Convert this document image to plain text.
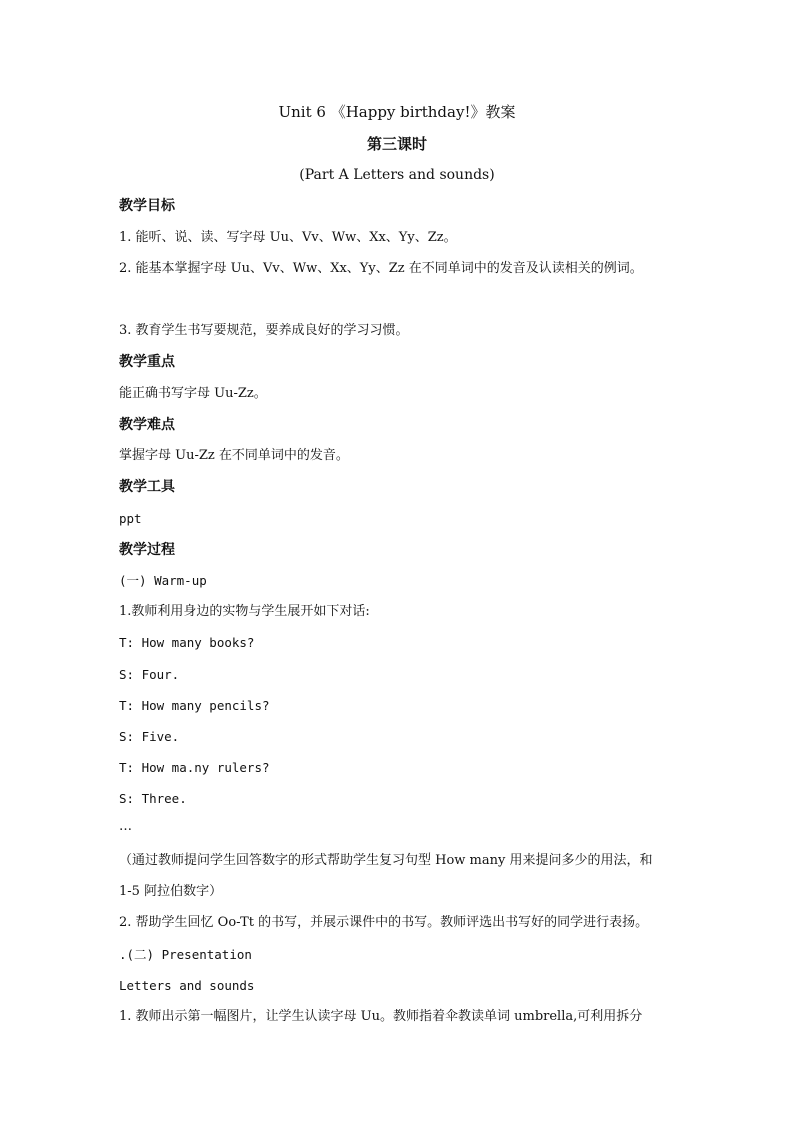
Unit 6 《Happy birthday!》教案
第三课时
(Part A Letters and sounds)
教学目标
1. 能听、说、读、写字母 Uu、Vv、Ww、Xx、Yy、Zz。
2. 能基本掌握字母 Uu、Vv、Ww、Xx、Yy、Zz 在不同单词中的发音及认读相关的例词。
3. 教育学生书写要规范，要养成良好的学习习惯。
教学重点
能正确书写字母 Uu-Zz。
教学难点
掌握字母 Uu-Zz 在不同单词中的发音。
教学工具
ppt
教学过程
(一) Warm-up
1.教师利用身边的实物与学生展开如下对话:
T: How many books?
S: Four.
T: How many pencils?
S: Five.
T: How ma.ny rulers?
S: Three.
…
（通过教师提问学生回答数字的形式帮助学生复习句型 How many 用来提问多少的用法，和
1-5 阿拉伯数字）
2. 帮助学生回忆 Oo-Tt 的书写，并展示课件中的书写。教师评选出书写好的同学进行表扬。
.(二) Presentation
Letters and sounds
1. 教师出示第一幅图片，让学生认读字母 Uu。教师指着伞教读单词 umbrella,可利用拆分
